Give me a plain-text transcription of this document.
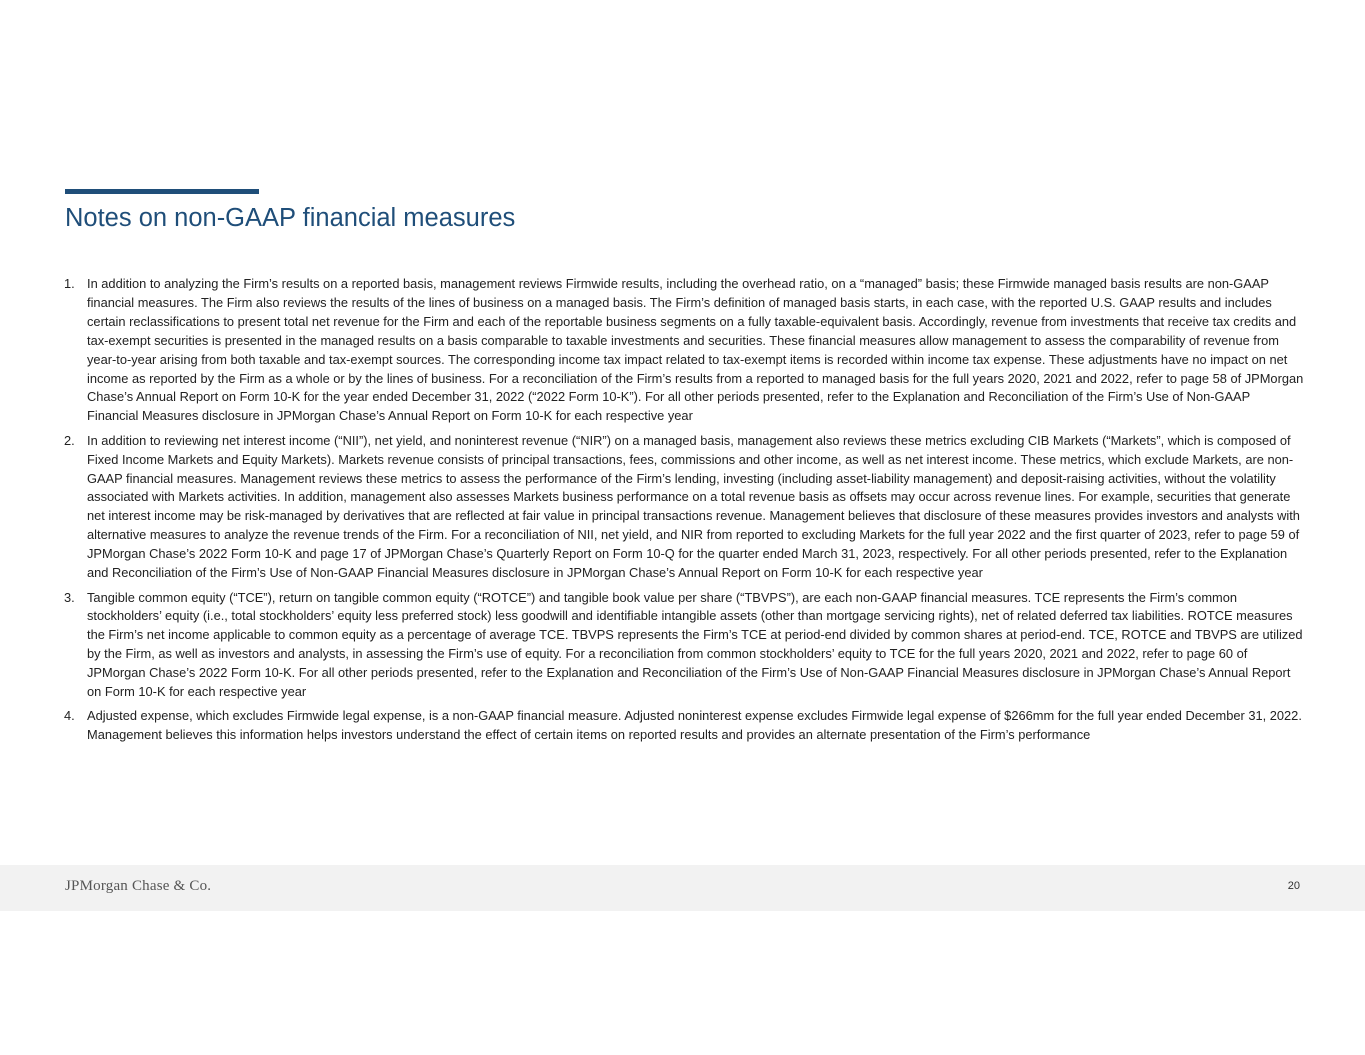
Notes on non-GAAP financial measures
1. In addition to analyzing the Firm’s results on a reported basis, management reviews Firmwide results, including the overhead ratio, on a “managed” basis; these Firmwide managed basis results are non-GAAP financial measures. The Firm also reviews the results of the lines of business on a managed basis. The Firm’s definition of managed basis starts, in each case, with the reported U.S. GAAP results and includes certain reclassifications to present total net revenue for the Firm and each of the reportable business segments on a fully taxable-equivalent basis. Accordingly, revenue from investments that receive tax credits and tax-exempt securities is presented in the managed results on a basis comparable to taxable investments and securities. These financial measures allow management to assess the comparability of revenue from year-to-year arising from both taxable and tax-exempt sources. The corresponding income tax impact related to tax-exempt items is recorded within income tax expense. These adjustments have no impact on net income as reported by the Firm as a whole or by the lines of business. For a reconciliation of the Firm’s results from a reported to managed basis for the full years 2020, 2021 and 2022, refer to page 58 of JPMorgan Chase’s Annual Report on Form 10-K for the year ended December 31, 2022 (“2022 Form 10-K”). For all other periods presented, refer to the Explanation and Reconciliation of the Firm’s Use of Non-GAAP Financial Measures disclosure in JPMorgan Chase’s Annual Report on Form 10-K for each respective year
2. In addition to reviewing net interest income (“NII”), net yield, and noninterest revenue (“NIR”) on a managed basis, management also reviews these metrics excluding CIB Markets (“Markets”, which is composed of Fixed Income Markets and Equity Markets). Markets revenue consists of principal transactions, fees, commissions and other income, as well as net interest income. These metrics, which exclude Markets, are non-GAAP financial measures. Management reviews these metrics to assess the performance of the Firm’s lending, investing (including asset-liability management) and deposit-raising activities, without the volatility associated with Markets activities. In addition, management also assesses Markets business performance on a total revenue basis as offsets may occur across revenue lines. For example, securities that generate net interest income may be risk-managed by derivatives that are reflected at fair value in principal transactions revenue. Management believes that disclosure of these measures provides investors and analysts with alternative measures to analyze the revenue trends of the Firm. For a reconciliation of NII, net yield, and NIR from reported to excluding Markets for the full year 2022 and the first quarter of 2023, refer to page 59 of JPMorgan Chase’s 2022 Form 10-K and page 17 of JPMorgan Chase’s Quarterly Report on Form 10-Q for the quarter ended March 31, 2023, respectively. For all other periods presented, refer to the Explanation and Reconciliation of the Firm’s Use of Non-GAAP Financial Measures disclosure in JPMorgan Chase’s Annual Report on Form 10-K for each respective year
3. Tangible common equity (“TCE”), return on tangible common equity (“ROTCE”) and tangible book value per share (“TBVPS”), are each non-GAAP financial measures. TCE represents the Firm’s common stockholders’ equity (i.e., total stockholders’ equity less preferred stock) less goodwill and identifiable intangible assets (other than mortgage servicing rights), net of related deferred tax liabilities. ROTCE measures the Firm’s net income applicable to common equity as a percentage of average TCE. TBVPS represents the Firm’s TCE at period-end divided by common shares at period-end. TCE, ROTCE and TBVPS are utilized by the Firm, as well as investors and analysts, in assessing the Firm’s use of equity. For a reconciliation from common stockholders’ equity to TCE for the full years 2020, 2021 and 2022, refer to page 60 of JPMorgan Chase’s 2022 Form 10-K. For all other periods presented, refer to the Explanation and Reconciliation of the Firm’s Use of Non-GAAP Financial Measures disclosure in JPMorgan Chase’s Annual Report on Form 10-K for each respective year
4. Adjusted expense, which excludes Firmwide legal expense, is a non-GAAP financial measure. Adjusted noninterest expense excludes Firmwide legal expense of $266mm for the full year ended December 31, 2022. Management believes this information helps investors understand the effect of certain items on reported results and provides an alternate presentation of the Firm’s performance
JPMorgan Chase & Co.	20
